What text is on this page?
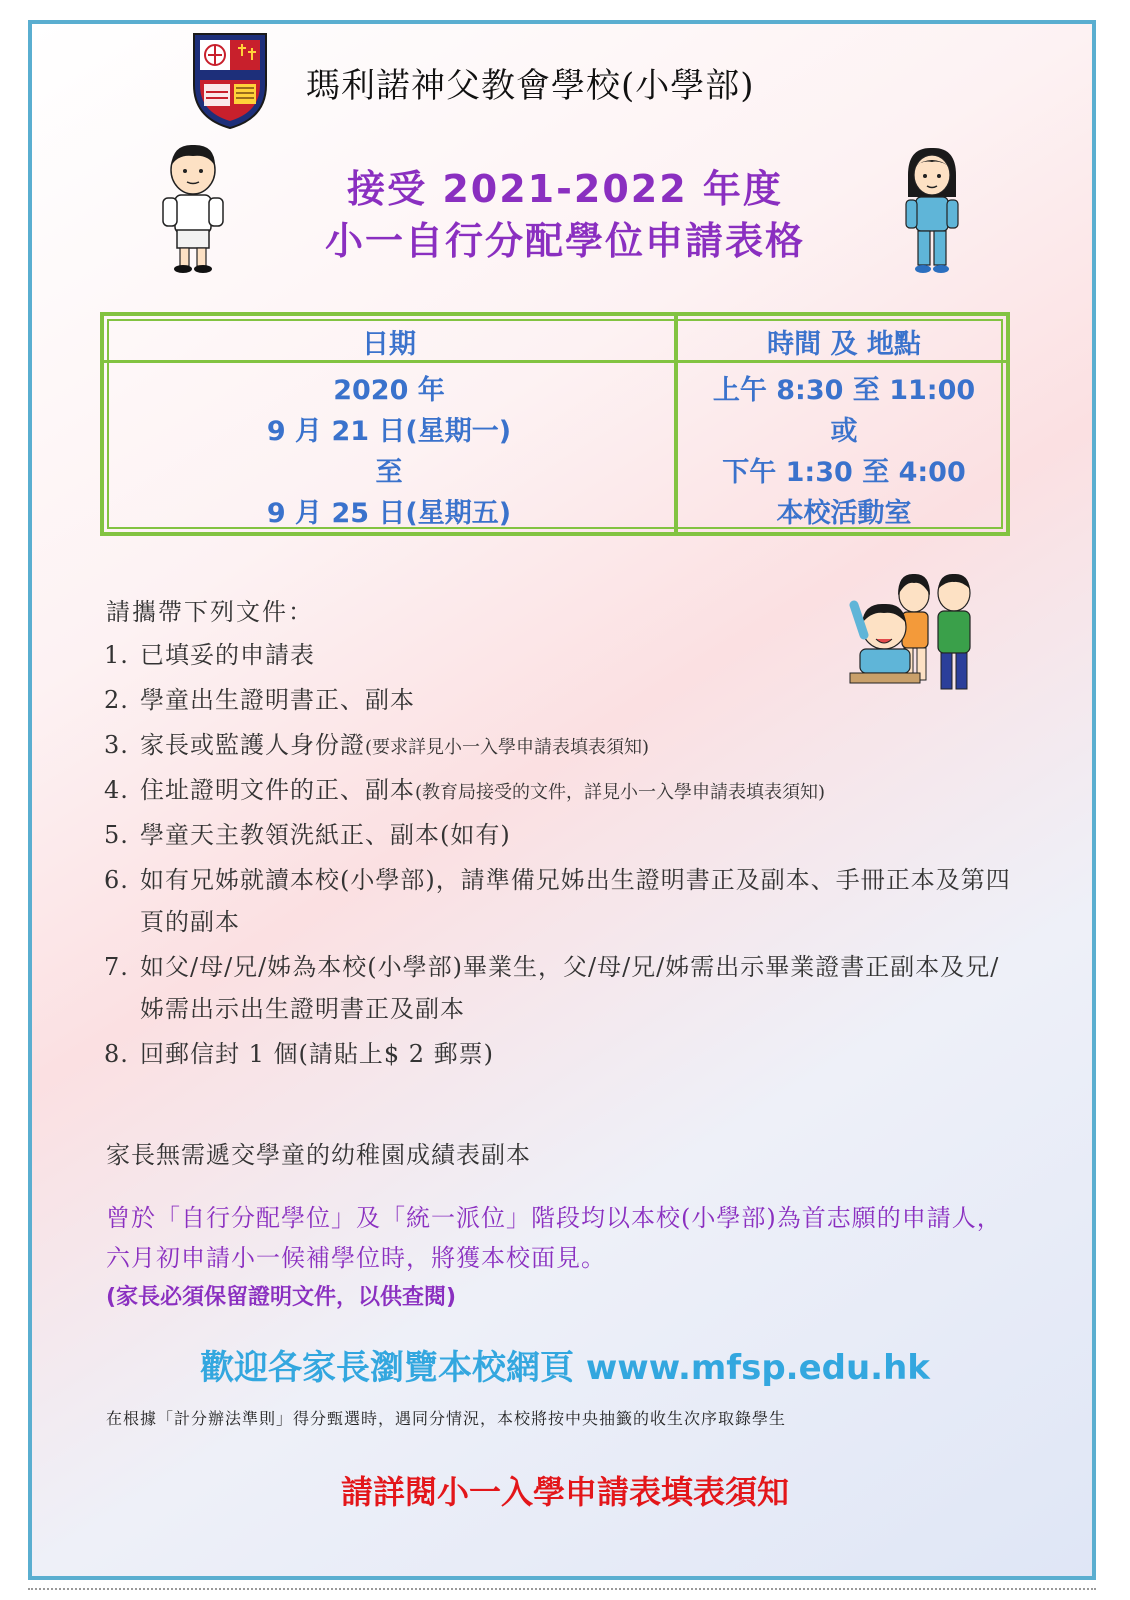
瑪利諾神父教會學校(小學部)
接受 2021-2022 年度
小一自行分配學位申請表格
日期	時間 及 地點
2020 年
9 月 21 日(星期一)
至
9 月 25 日(星期五)
上午 8:30 至 11:00
或
下午 1:30 至 4:00
本校活動室
請攜帶下列文件：
1. 已填妥的申請表
2. 學童出生證明書正、副本
3. 家長或監護人身份證(要求詳見小一入學申請表填表須知)
4. 住址證明文件的正、副本(教育局接受的文件，詳見小一入學申請表填表須知)
5. 學童天主教領洗紙正、副本(如有)
6. 如有兄姊就讀本校(小學部)，請準備兄姊出生證明書正及副本、手冊正本及第四頁的副本
7. 如父/母/兄/姊為本校(小學部)畢業生，父/母/兄/姊需出示畢業證書正副本及兄/姊需出示出生證明書正及副本
8. 回郵信封 1 個(請貼上$ 2 郵票)
家長無需遞交學童的幼稚園成績表副本
曾於「自行分配學位」及「統一派位」階段均以本校(小學部)為首志願的申請人，六月初申請小一候補學位時，將獲本校面見。
(家長必須保留證明文件，以供查閱)
歡迎各家長瀏覽本校網頁 www.mfsp.edu.hk
在根據「計分辦法準則」得分甄選時，遇同分情況，本校將按中央抽籤的收生次序取錄學生
請詳閱小一入學申請表填表須知
